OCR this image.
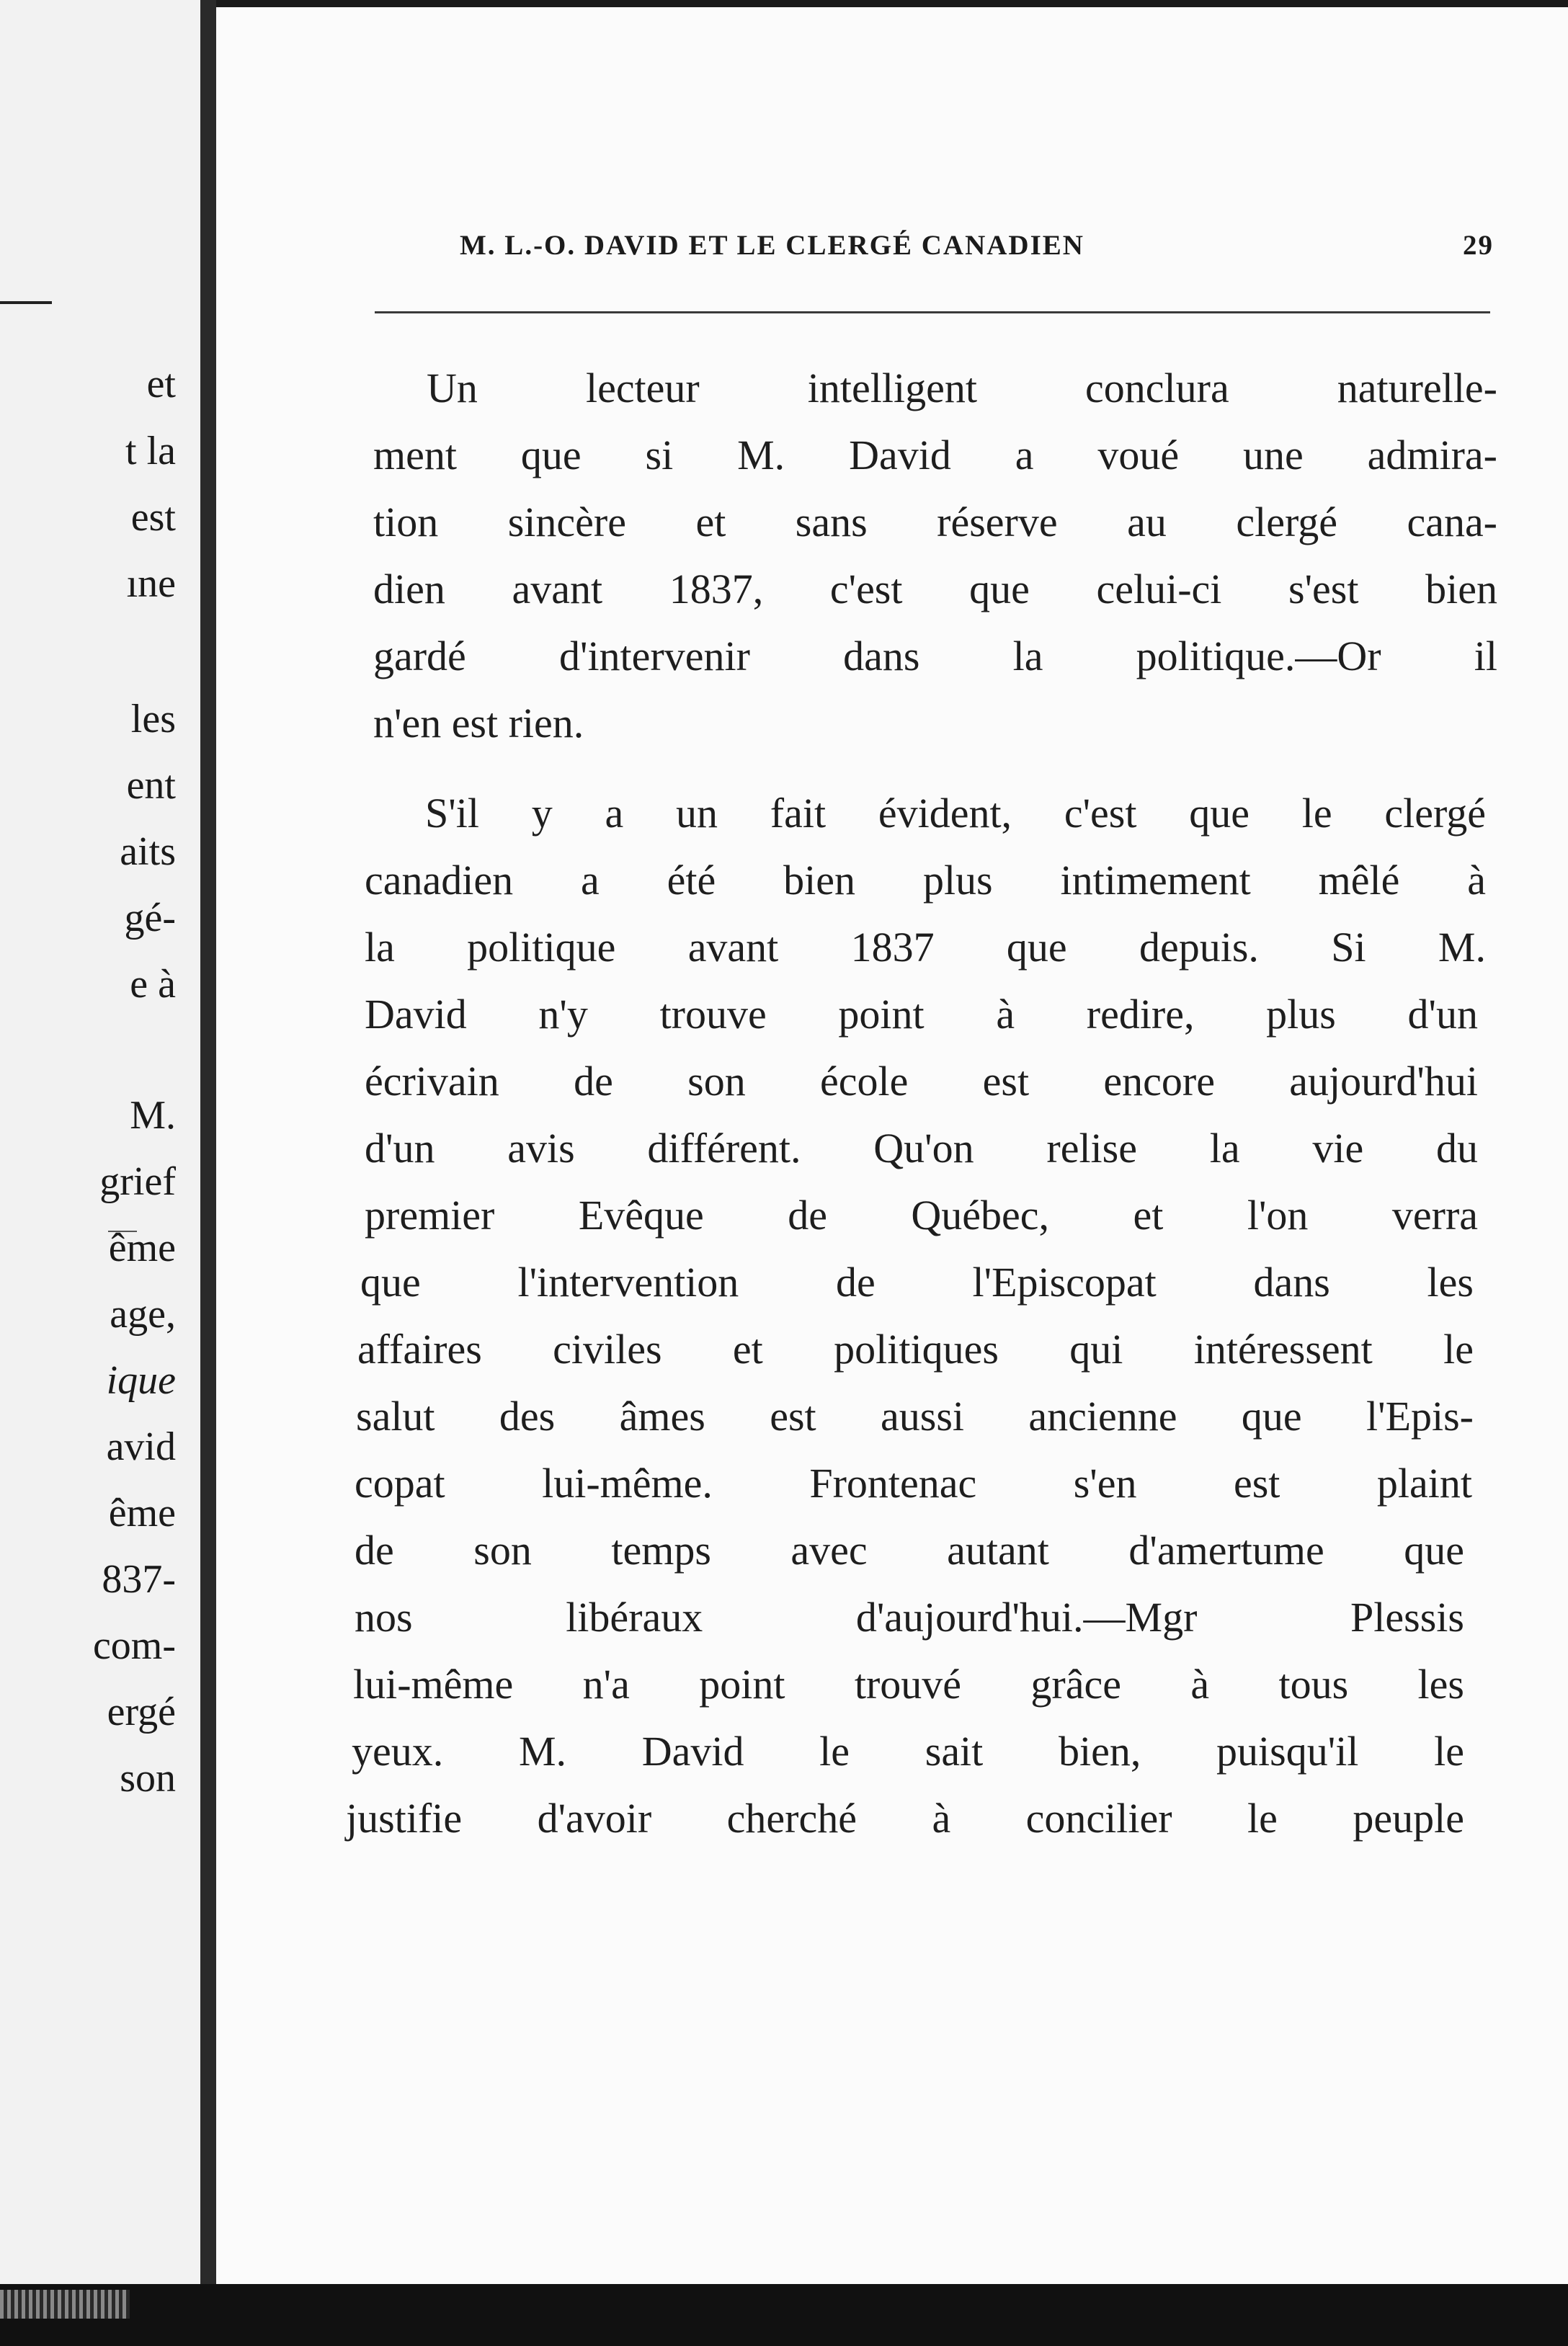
et

t la

est

ıne

les

ent

aits

gé-

e à

M.

grief

ême

age,

ique

avid

ême

837-

com-

ergé

son

M. L.-O. DAVID ET LE CLERGÉ CANADIEN	29

Un lecteur intelligent conclura naturelle-

ment que si M. David a voué une admira-

tion sincère et sans réserve au clergé cana-

dien avant 1837, c'est que celui-ci s'est bien

gardé d'intervenir dans la politique.—Or il

n'en est rien.

S'il y a un fait évident, c'est que le clergé

canadien a été bien plus intimement mêlé à

la politique avant 1837 que depuis. Si M.

David n'y trouve point à redire, plus d'un

écrivain de son école est encore aujourd'hui

d'un avis différent. Qu'on relise la vie du

premier Evêque de Québec, et l'on verra

que l'intervention de l'Episcopat dans les

affaires civiles et politiques qui intéressent le

salut des âmes est aussi ancienne que l'Epis-

copat lui-même. Frontenac s'en est plaint

de son temps avec autant d'amertume que

nos libéraux d'aujourd'hui.—Mgr Plessis

lui-même n'a point trouvé grâce à tous les

yeux. M. David le sait bien, puisqu'il le

justifie d'avoir cherché à concilier le peuple
